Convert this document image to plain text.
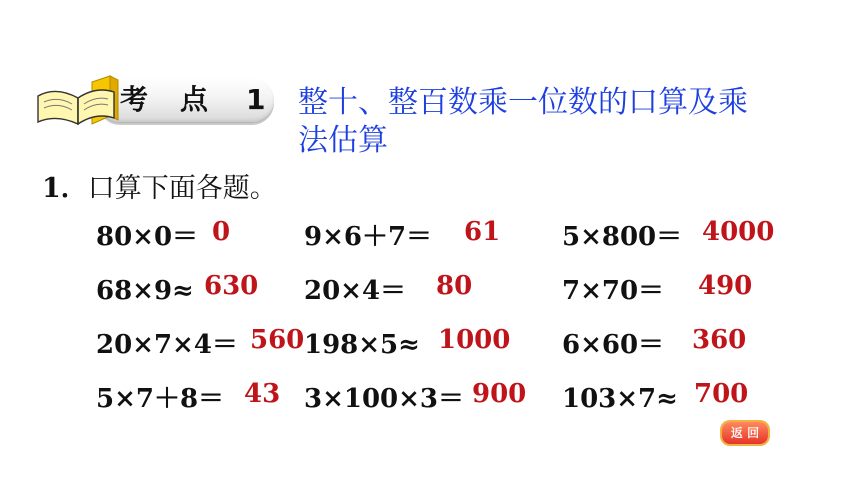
考 点 1 整十、整百数乘一位数的口算及乘法估算
1．口算下面各题。
80×0＝ 0	9×6＋7＝ 61 5×800＝ 4000
68×9≈ 630 20×4＝ 80	7×70＝ 490
20×7×4＝ 560 198×5≈ 1000 6×60＝ 360
5×7＋8＝ 43 3×100×3＝ 900 103×7≈ 700
返 回
